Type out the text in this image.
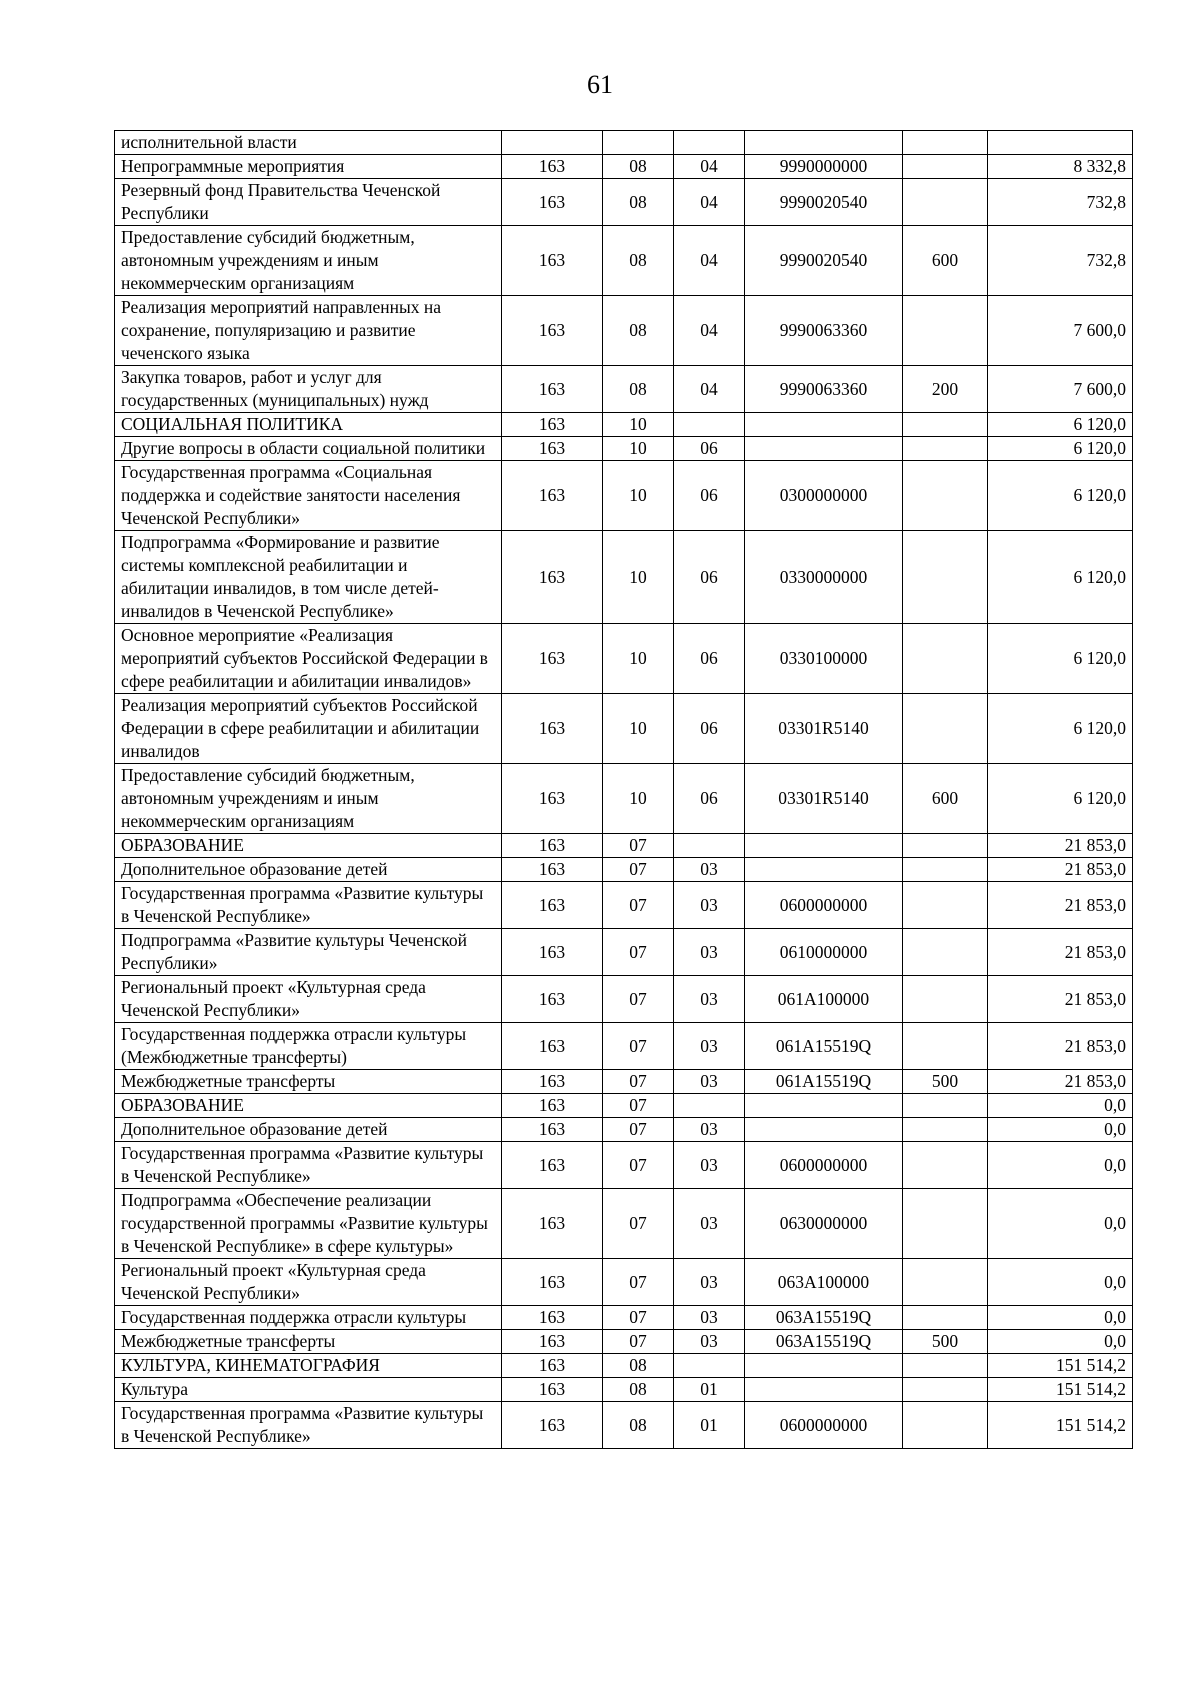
61
исполнительной власти						
Непрограммные мероприятия	163	08	04	9990000000		8 332,8
Резервный фонд Правительства Чеченской Республики	163	08	04	9990020540		732,8
Предоставление субсидий бюджетным, автономным учреждениям и иным некоммерческим организациям	163	08	04	9990020540	600	732,8
Реализация мероприятий направленных на сохранение, популяризацию и развитие чеченского языка	163	08	04	9990063360		7 600,0
Закупка товаров, работ и услуг для государственных (муниципальных) нужд	163	08	04	9990063360	200	7 600,0
СОЦИАЛЬНАЯ ПОЛИТИКА	163	10				6 120,0
Другие вопросы в области социальной политики	163	10	06			6 120,0
Государственная программа «Социальная поддержка и содействие занятости населения Чеченской Республики»	163	10	06	0300000000		6 120,0
Подпрограмма «Формирование и развитие системы комплексной реабилитации и абилитации инвалидов, в том числе детей-инвалидов в Чеченской Республике»	163	10	06	0330000000		6 120,0
Основное мероприятие «Реализация мероприятий субъектов Российской Федерации в сфере реабилитации и абилитации инвалидов»	163	10	06	0330100000		6 120,0
Реализация мероприятий субъектов Российской Федерации в сфере реабилитации и абилитации инвалидов	163	10	06	03301R5140		6 120,0
Предоставление субсидий бюджетным, автономным учреждениям и иным некоммерческим организациям	163	10	06	03301R5140	600	6 120,0
ОБРАЗОВАНИЕ	163	07				21 853,0
Дополнительное образование детей	163	07	03			21 853,0
Государственная программа «Развитие культуры в Чеченской Республике»	163	07	03	0600000000		21 853,0
Подпрограмма «Развитие культуры Чеченской Республики»	163	07	03	0610000000		21 853,0
Региональный проект «Культурная среда Чеченской Республики»	163	07	03	061A100000		21 853,0
Государственная поддержка отрасли культуры (Межбюджетные трансферты)	163	07	03	061A15519Q		21 853,0
Межбюджетные трансферты	163	07	03	061A15519Q	500	21 853,0
ОБРАЗОВАНИЕ	163	07				0,0
Дополнительное образование детей	163	07	03			0,0
Государственная программа «Развитие культуры в Чеченской Республике»	163	07	03	0600000000		0,0
Подпрограмма «Обеспечение реализации государственной программы «Развитие культуры в Чеченской Республике» в сфере культуры»	163	07	03	0630000000		0,0
Региональный проект «Культурная среда Чеченской Республики»	163	07	03	063A100000		0,0
Государственная поддержка отрасли культуры	163	07	03	063A15519Q		0,0
Межбюджетные трансферты	163	07	03	063A15519Q	500	0,0
КУЛЬТУРА, КИНЕМАТОГРАФИЯ	163	08				151 514,2
Культура	163	08	01			151 514,2
Государственная программа «Развитие культуры в Чеченской Республике»	163	08	01	0600000000		151 514,2
